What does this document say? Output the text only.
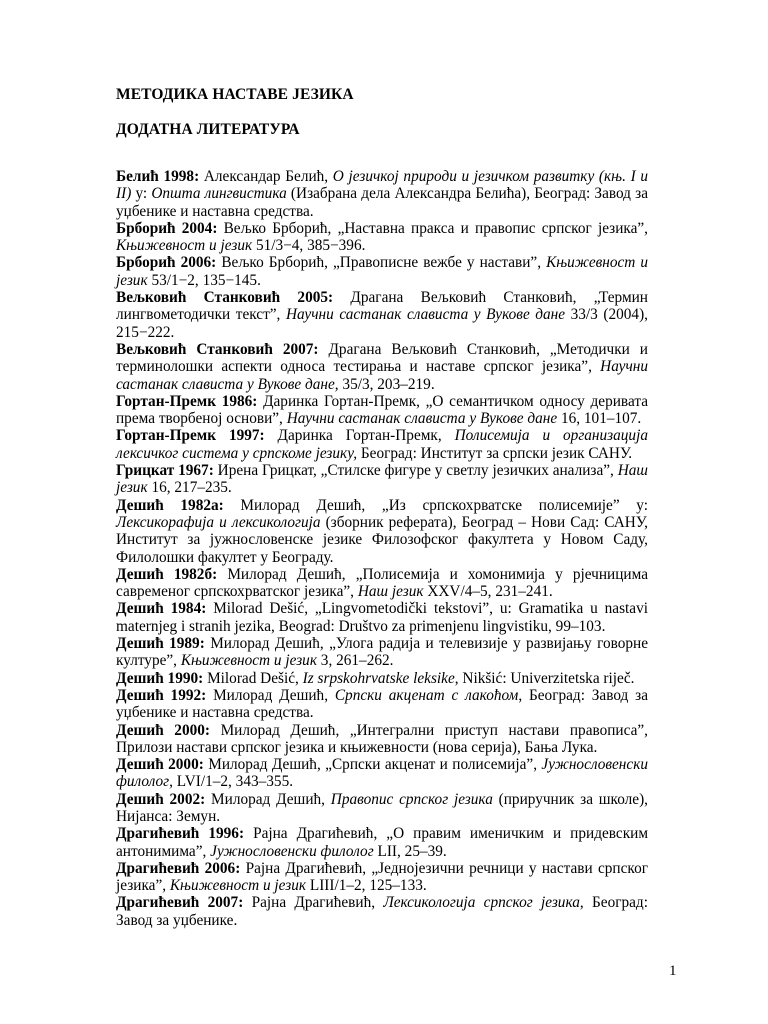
МЕТОДИКА НАСТАВЕ ЈЕЗИКА
ДОДАТНА ЛИТЕРАТУРА

Белић 1998: Александар Белић, О језичкој природи и језичком развитку (књ. I и II) у: Општа лингвистика (Изабрана дела Александра Белића), Београд: Завод за уџбенике и наставна средства.

Брборић 2004: Вељко Брборић, „Наставна пракса и правопис српског језика”, Књижевност и језик 51/3−4, 385−396.

Брборић 2006: Вељко Брборић, „Правописне вежбе у настави”, Књижевност и језик 53/1−2, 135−145.

Вељковић Станковић 2005: Драгана Вељковић Станковић, „Термин лингвометодички текст”, Научни састанак слависта у Вукове дане 33/3 (2004), 215−222.

Вељковић Станковић 2007: Драгана Вељковић Станковић, „Методички и терминолошки аспекти односа тестирања и наставе српског језика”, Научни састанак слависта у Вукове дане, 35/3, 203–219.

Гортан-Премк 1986: Даринка Гортан-Премк, „О семантичком односу деривата према творбеној основи”, Научни састанак слависта у Вукове дане 16, 101–107.

Гортан-Премк 1997: Даринка Гортан-Премк, Полисемија и организација лексичког система у српскоме језику, Београд: Институт за српски језик САНУ.

Грицкат 1967: Ирена Грицкат, „Стилске фигуре у светлу језичких анализа”, Наш језик 16, 217–235.

Дешић 1982а: Милорад Дешић, „Из српскохрватске полисемије” у: Лексикорафија и лексикологија (зборник реферата), Београд – Нови Сад: САНУ, Институт за јужнословенске језике Филозофског факултета у Новом Саду, Филолошки факултет у Београду.

Дешић 1982б: Милорад Дешић, „Полисемија и хомонимија у рјечницима савременог српскохрватског језика”, Наш језик XXV/4–5, 231–241.

Дешић 1984: Milorad Dešić, „Lingvometodički tekstovi”, u: Gramatika u nastavi maternjeg i stranih jezika, Beograd: Društvo za primenjenu lingvistiku, 99–103.

Дешић 1989: Милорад Дешић, „Улога радија и телевизије у развијању говорне културе”, Књижевност и језик 3, 261–262.

Дешић 1990: Milorad Dešić, Iz srpskohrvatske leksike, Nikšić: Univerzitetska riječ.

Дешић 1992: Милорад Дешић, Српски акценат с лакоћом, Београд: Завод за уџбенике и наставна средства.

Дешић 2000: Милорад Дешић, „Интегрални приступ настави правописа”, Прилози настави српског језика и књижевности (нова серија), Бања Лука.

Дешић 2000: Милорад Дешић, „Српски акценат и полисемија”, Јужнословенски филолог, LVI/1–2, 343–355.

Дешић 2002: Милорад Дешић, Правопис српског језика (приручник за школе), Нијанса: Земун.

Драгићевић 1996: Рајна Драгићевић, „О правим именичким и придевским антонимима”, Јужнословенски филолог LII, 25–39.

Драгићевић 2006: Рајна Драгићевић, „Једнојезични речници у настави српског језика”, Књижевност и језик LIII/1–2, 125–133.

Драгићевић 2007: Рајна Драгићевић, Лексикологија српског језика, Београд: Завод за уџбенике.

1
